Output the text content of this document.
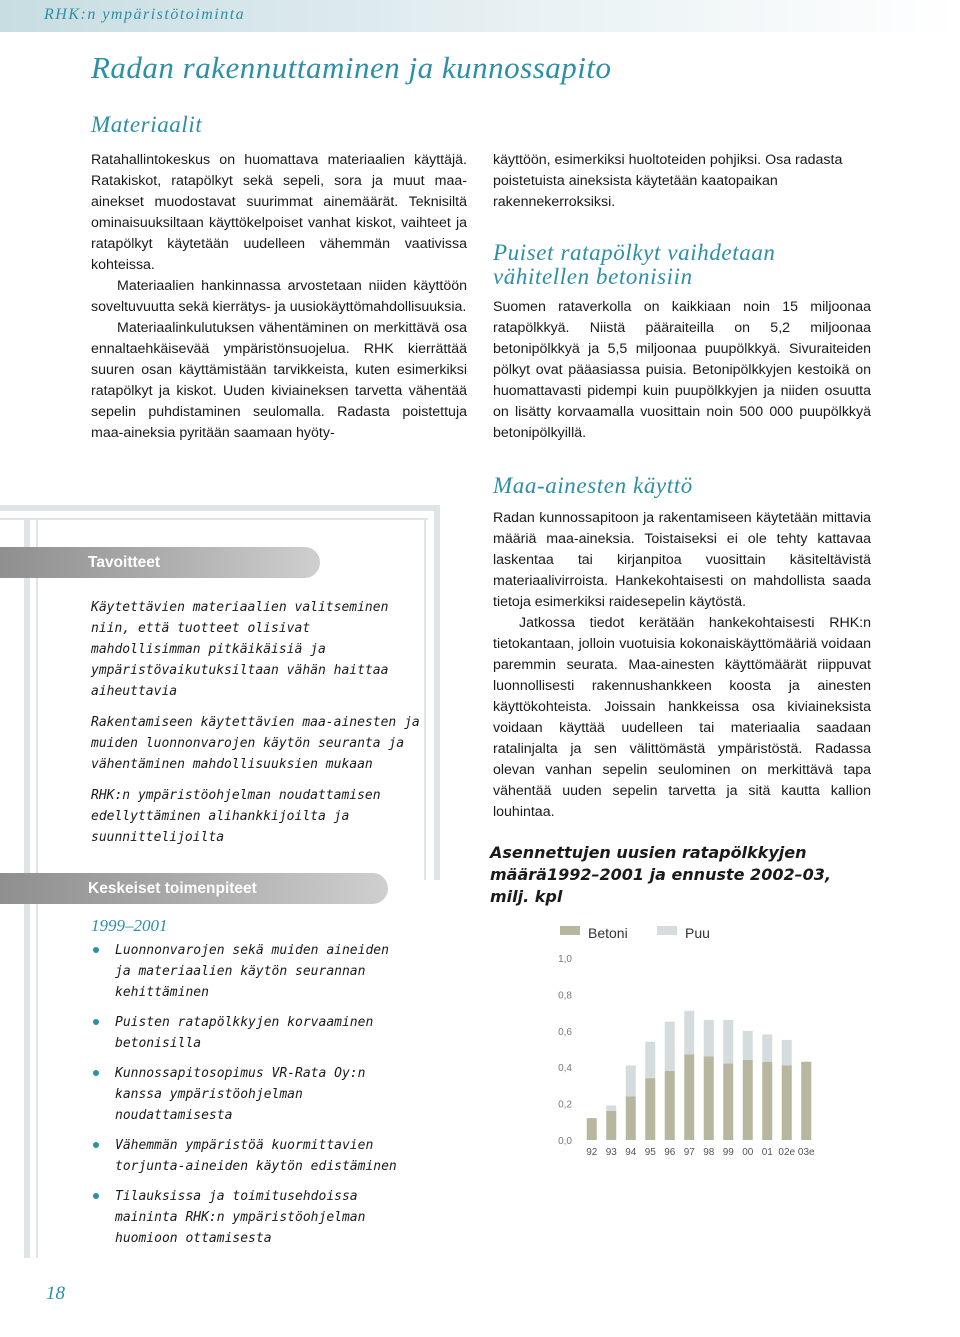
RHK:n ympäristötoiminta
Radan rakennuttaminen ja kunnossapito
Materiaalit

Ratahallintokeskus on huomattava materiaalien käyttäjä. Ratakiskot, ratapölkyt sekä sepeli, sora ja muut maa-ainekset muodostavat suurimmat ainemäärät. Teknisiltä ominaisuuksiltaan käyttökelpoiset vanhat kiskot, vaihteet ja ratapölkyt käytetään uudelleen vähemmän vaativissa kohteissa.

Materiaalien hankinnassa arvostetaan niiden käyttöön soveltuvuutta sekä kierrätys- ja uusiokäyttömahdollisuuksia.

Materiaalinkulutuksen vähentäminen on merkittävä osa ennaltaehkäisevää ympäristönsuojelua. RHK kierrättää suuren osan käyttämistään tarvikkeista, kuten esimerkiksi ratapölkyt ja kiskot. Uuden kiviaineksen tarvetta vähentää sepelin puhdistaminen seulomalla. Radasta poistettuja maa-aineksia pyritään saamaan hyöty-

Tavoitteet

Käytettävien materiaalien valitseminen niin, että tuotteet olisivat mahdollisimman pitkäikäisiä ja ympäristövaikutuksiltaan vähän haittaa aiheuttavia

Rakentamiseen käytettävien maa-ainesten ja muiden luonnonvarojen käytön seuranta ja vähentäminen mahdollisuuksien mukaan

RHK:n ympäristöohjelman noudattamisen edellyttäminen alihankkijoilta ja suunnittelijoilta

Keskeiset toimenpiteet
1999–2001
Luonnonvarojen sekä muiden aineiden ja materiaalien käytön seurannan kehittäminen
Puisten ratapölkkyjen korvaaminen betonisilla
Kunnossapitosopimus VR-Rata Oy:n kanssa ympäristöohjelman noudattamisesta
Vähemmän ympäristöä kuormittavien torjunta-aineiden käytön edistäminen
Tilauksissa ja toimitusehdoissa maininta RHK:n ympäristöohjelman huomioon ottamisesta
käyttöön, esimerkiksi huoltoteiden pohjiksi. Osa radasta poistetuista aineksista käytetään kaatopaikan rakennekerroksiksi.
Puiset ratapölkyt vaihdetaan
vähitellen betonisiin
Suomen rataverkolla on kaikkiaan noin 15 miljoonaa ratapölkkyä. Niistä pääraiteilla on 5,2 miljoonaa betonipölkkyä ja 5,5 miljoonaa puupölkkyä. Sivuraiteiden pölkyt ovat pääasiassa puisia. Betonipölkkyjen kestoikä on huomattavasti pidempi kuin puupölkkyjen ja niiden osuutta on lisätty korvaamalla vuosittain noin 500 000 puupölkkyä betonipölkyillä.
Maa-ainesten käyttö

Radan kunnossapitoon ja rakentamiseen käytetään mittavia määriä maa-aineksia. Toistaiseksi ei ole tehty kattavaa laskentaa tai kirjanpitoa vuosittain käsiteltävistä materiaalivirroista. Hankekohtaisesti on mahdollista saada tietoja esimerkiksi raidesepelin käytöstä.

Jatkossa tiedot kerätään hankekohtaisesti RHK:n tietokantaan, jolloin vuotuisia kokonaiskäyttömääriä voidaan paremmin seurata. Maa-ainesten käyttömäärät riippuvat luonnollisesti rakennushankkeen koosta ja ainesten käyttökohteista. Joissain hankkeissa osa kiviaineksista voidaan käyttää uudelleen tai materiaalia saadaan ratalinjalta ja sen välittömästä ympäristöstä. Radassa olevan vanhan sepelin seulominen on merkittävä tapa vähentää uuden sepelin tarvetta ja sitä kautta kallion louhintaa.

Asennettujen uusien ratapölkkyjen määrä1992–2001 ja ennuste 2002–03, milj. kpl
1,0
0,8
0,6
0,4
0,2
0,0
92 93 94 95 96 97 98 99 00 01 02e 03e
Betoni	Puu
18
